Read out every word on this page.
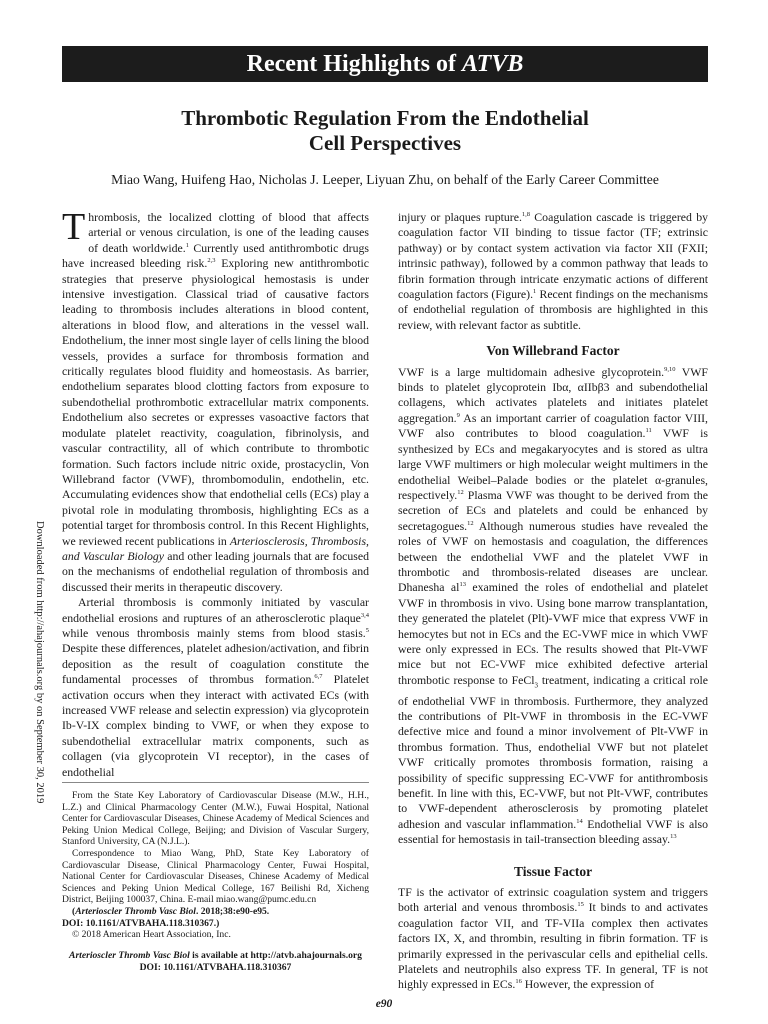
Recent Highlights of ATVB
Thrombotic Regulation From the Endothelial
Cell Perspectives
Miao Wang, Huifeng Hao, Nicholas J. Leeper, Liyuan Zhu, on behalf of the Early Career Committee
Downloaded from http://ahajournals.org by on September 30, 2019

Thrombosis, the localized clotting of blood that affects arterial or venous circulation, is one of the leading causes of death worldwide.$^1$ Currently used antithrombotic drugs have increased bleeding risk.$^{2,3}$ Exploring new antithrombotic strategies that preserve physiological hemostasis is under intensive investigation. Classical triad of causative factors leading to thrombosis includes alterations in blood content, alterations in blood flow, and alterations in the vessel wall. Endothelium, the inner most single layer of cells lining the blood vessels, provides a surface for thrombosis formation and critically regulates blood fluidity and homeostasis. As barrier, endothelium separates blood clotting factors from exposure to subendothelial prothrombotic extracellular matrix components. Endothelium also secretes or expresses vasoactive factors that modulate platelet reactivity, coagulation, fibrinolysis, and vascular contractility, all of which contribute to thrombotic formation. Such factors include nitric oxide, prostacyclin, Von Willebrand factor (VWF), thrombomodulin, endothelin, etc. Accumulating evidences show that endothelial cells (ECs) play a pivotal role in modulating thrombosis, highlighting ECs as a potential target for thrombosis control. In this Recent Highlights, we reviewed recent publications in Arteriosclerosis, Thrombosis, and Vascular Biology and other leading journals that are focused on the mechanisms of endothelial regulation of thrombosis and discussed their merits in therapeutic discovery.

Arterial thrombosis is commonly initiated by vascular endothelial erosions and ruptures of an atherosclerotic plaque$^{3,4}$ while venous thrombosis mainly stems from blood stasis.$^5$ Despite these differences, platelet adhesion/activation, and fibrin deposition as the result of coagulation constitute the fundamental processes of thrombus formation.$^{6,7}$ Platelet activation occurs when they interact with activated ECs (with increased VWF release and selectin expression) via glycoprotein Ib-V-IX complex binding to VWF, or when they expose to subendothelial extracellular matrix components, such as collagen (via glycoprotein VI receptor), in the cases of endothelial

From the State Key Laboratory of Cardiovascular Disease (M.W., H.H., L.Z.) and Clinical Pharmacology Center (M.W.), Fuwai Hospital, National Center for Cardiovascular Diseases, Chinese Academy of Medical Sciences and Peking Union Medical College, Beijing; and Division of Vascular Surgery, Stanford University, CA (N.J.L.).

Correspondence to Miao Wang, PhD, State Key Laboratory of Cardiovascular Disease, Clinical Pharmacology Center, Fuwai Hospital, National Center for Cardiovascular Diseases, Chinese Academy of Medical Sciences and Peking Union Medical College, 167 Beilishi Rd, Xicheng District, Beijing 100037, China. E-mail miao.wang@pumc.edu.cn

(Arterioscler Thromb Vasc Biol. 2018;38:e90-e95.

DOI: 10.1161/ATVBAHA.118.310367.)

© 2018 American Heart Association, Inc.

Arterioscler Thromb Vasc Biol is available at http://atvb.ahajournals.org
DOI: 10.1161/ATVBAHA.118.310367

injury or plaques rupture.$^{1,8}$ Coagulation cascade is triggered by coagulation factor VII binding to tissue factor (TF; extrinsic pathway) or by contact system activation via factor XII (FXII; intrinsic pathway), followed by a common pathway that leads to fibrin formation through intricate enzymatic actions of different coagulation factors (Figure).$^1$ Recent findings on the mechanisms of endothelial regulation of thrombosis are highlighted in this review, with relevant factor as subtitle.

Von Willebrand Factor

VWF is a large multidomain adhesive glycoprotein.$^{9,10}$ VWF binds to platelet glycoprotein Ibα, αIIbβ3 and subendothelial collagens, which activates platelets and initiates platelet aggregation.$^9$ As an important carrier of coagulation factor VIII, VWF also contributes to blood coagulation.$^{11}$ VWF is synthesized by ECs and megakaryocytes and is stored as ultra large VWF multimers or high molecular weight multimers in the endothelial Weibel–Palade bodies or the platelet α-granules, respectively.$^{12}$ Plasma VWF was thought to be derived from the secretion of ECs and platelets and could be enhanced by secretagogues.$^{12}$ Although numerous studies have revealed the roles of VWF on hemostasis and coagulation, the differences between the endothelial VWF and the platelet VWF in thrombotic and thrombosis-related diseases are unclear. Dhanesha $al^{13}$ examined the roles of endothelial and platelet VWF in thrombosis in vivo. Using bone marrow transplantation, they generated the platelet (Plt)-VWF mice that express VWF in hemocytes but not in ECs and the EC-VWF mice in which VWF were only expressed in ECs. The results showed that Plt-VWF mice but not EC-VWF mice exhibited defective arterial thrombotic response to FeCl$_3$ treatment, indicating a critical role of endothelial VWF in thrombosis. Furthermore, they analyzed the contributions of Plt-VWF in thrombosis in the EC-VWF defective mice and found a minor involvement of Plt-VWF in thrombus formation. Thus, endothelial VWF but not platelet VWF critically promotes thrombosis formation, raising a possibility of specific suppressing EC-VWF for antithrombosis benefit. In line with this, EC-VWF, but not Plt-VWF, contributes to VWF-dependent atherosclerosis by promoting platelet adhesion and vascular inflammation.$^{14}$ Endothelial VWF is also essential for hemostasis in tail-transection bleeding assay.$^{13}$

Tissue Factor

TF is the activator of extrinsic coagulation system and triggers both arterial and venous thrombosis.$^{15}$ It binds to and activates coagulation factor VII, and TF-VIIa complex then activates factors IX, X, and thrombin, resulting in fibrin formation. TF is primarily expressed in the perivascular cells and epithelial cells. Platelets and neutrophils also express TF. In general, TF is not highly expressed in ECs.$^{16}$ However, the expression of

e90
